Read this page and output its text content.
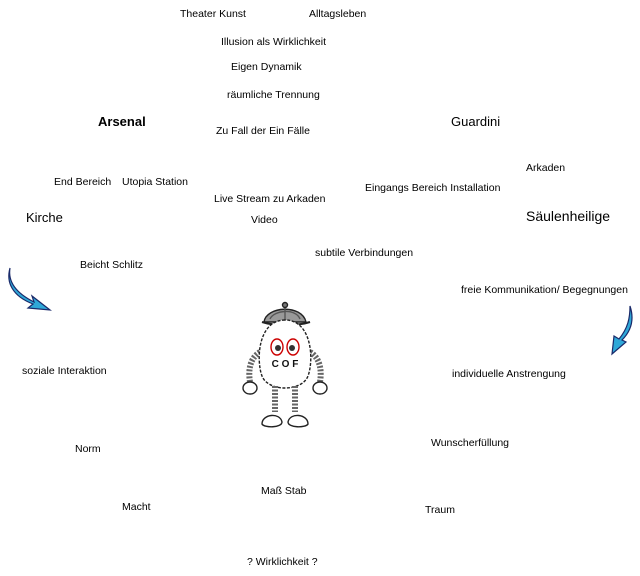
Theater Kunst	Alltagsleben
Illusion als Wirklichkeit
Eigen Dynamik
räumliche Trennung
Arsenal
Zu Fall der Ein Fälle
Guardini
Arkaden
End Bereich Utopia Station	Eingangs Bereich Installation
Live Stream zu Arkaden
Kirche	Video	Säulenheilige
subtile Verbindungen
Beicht Schlitz
freie Kommunikation/ Begegnungen
soziale Interaktion	individuelle Anstrengung
Norm	Wunscherfüllung
Maß Stab
Macht	Traum
? Wirklichkeit ?
C O F
